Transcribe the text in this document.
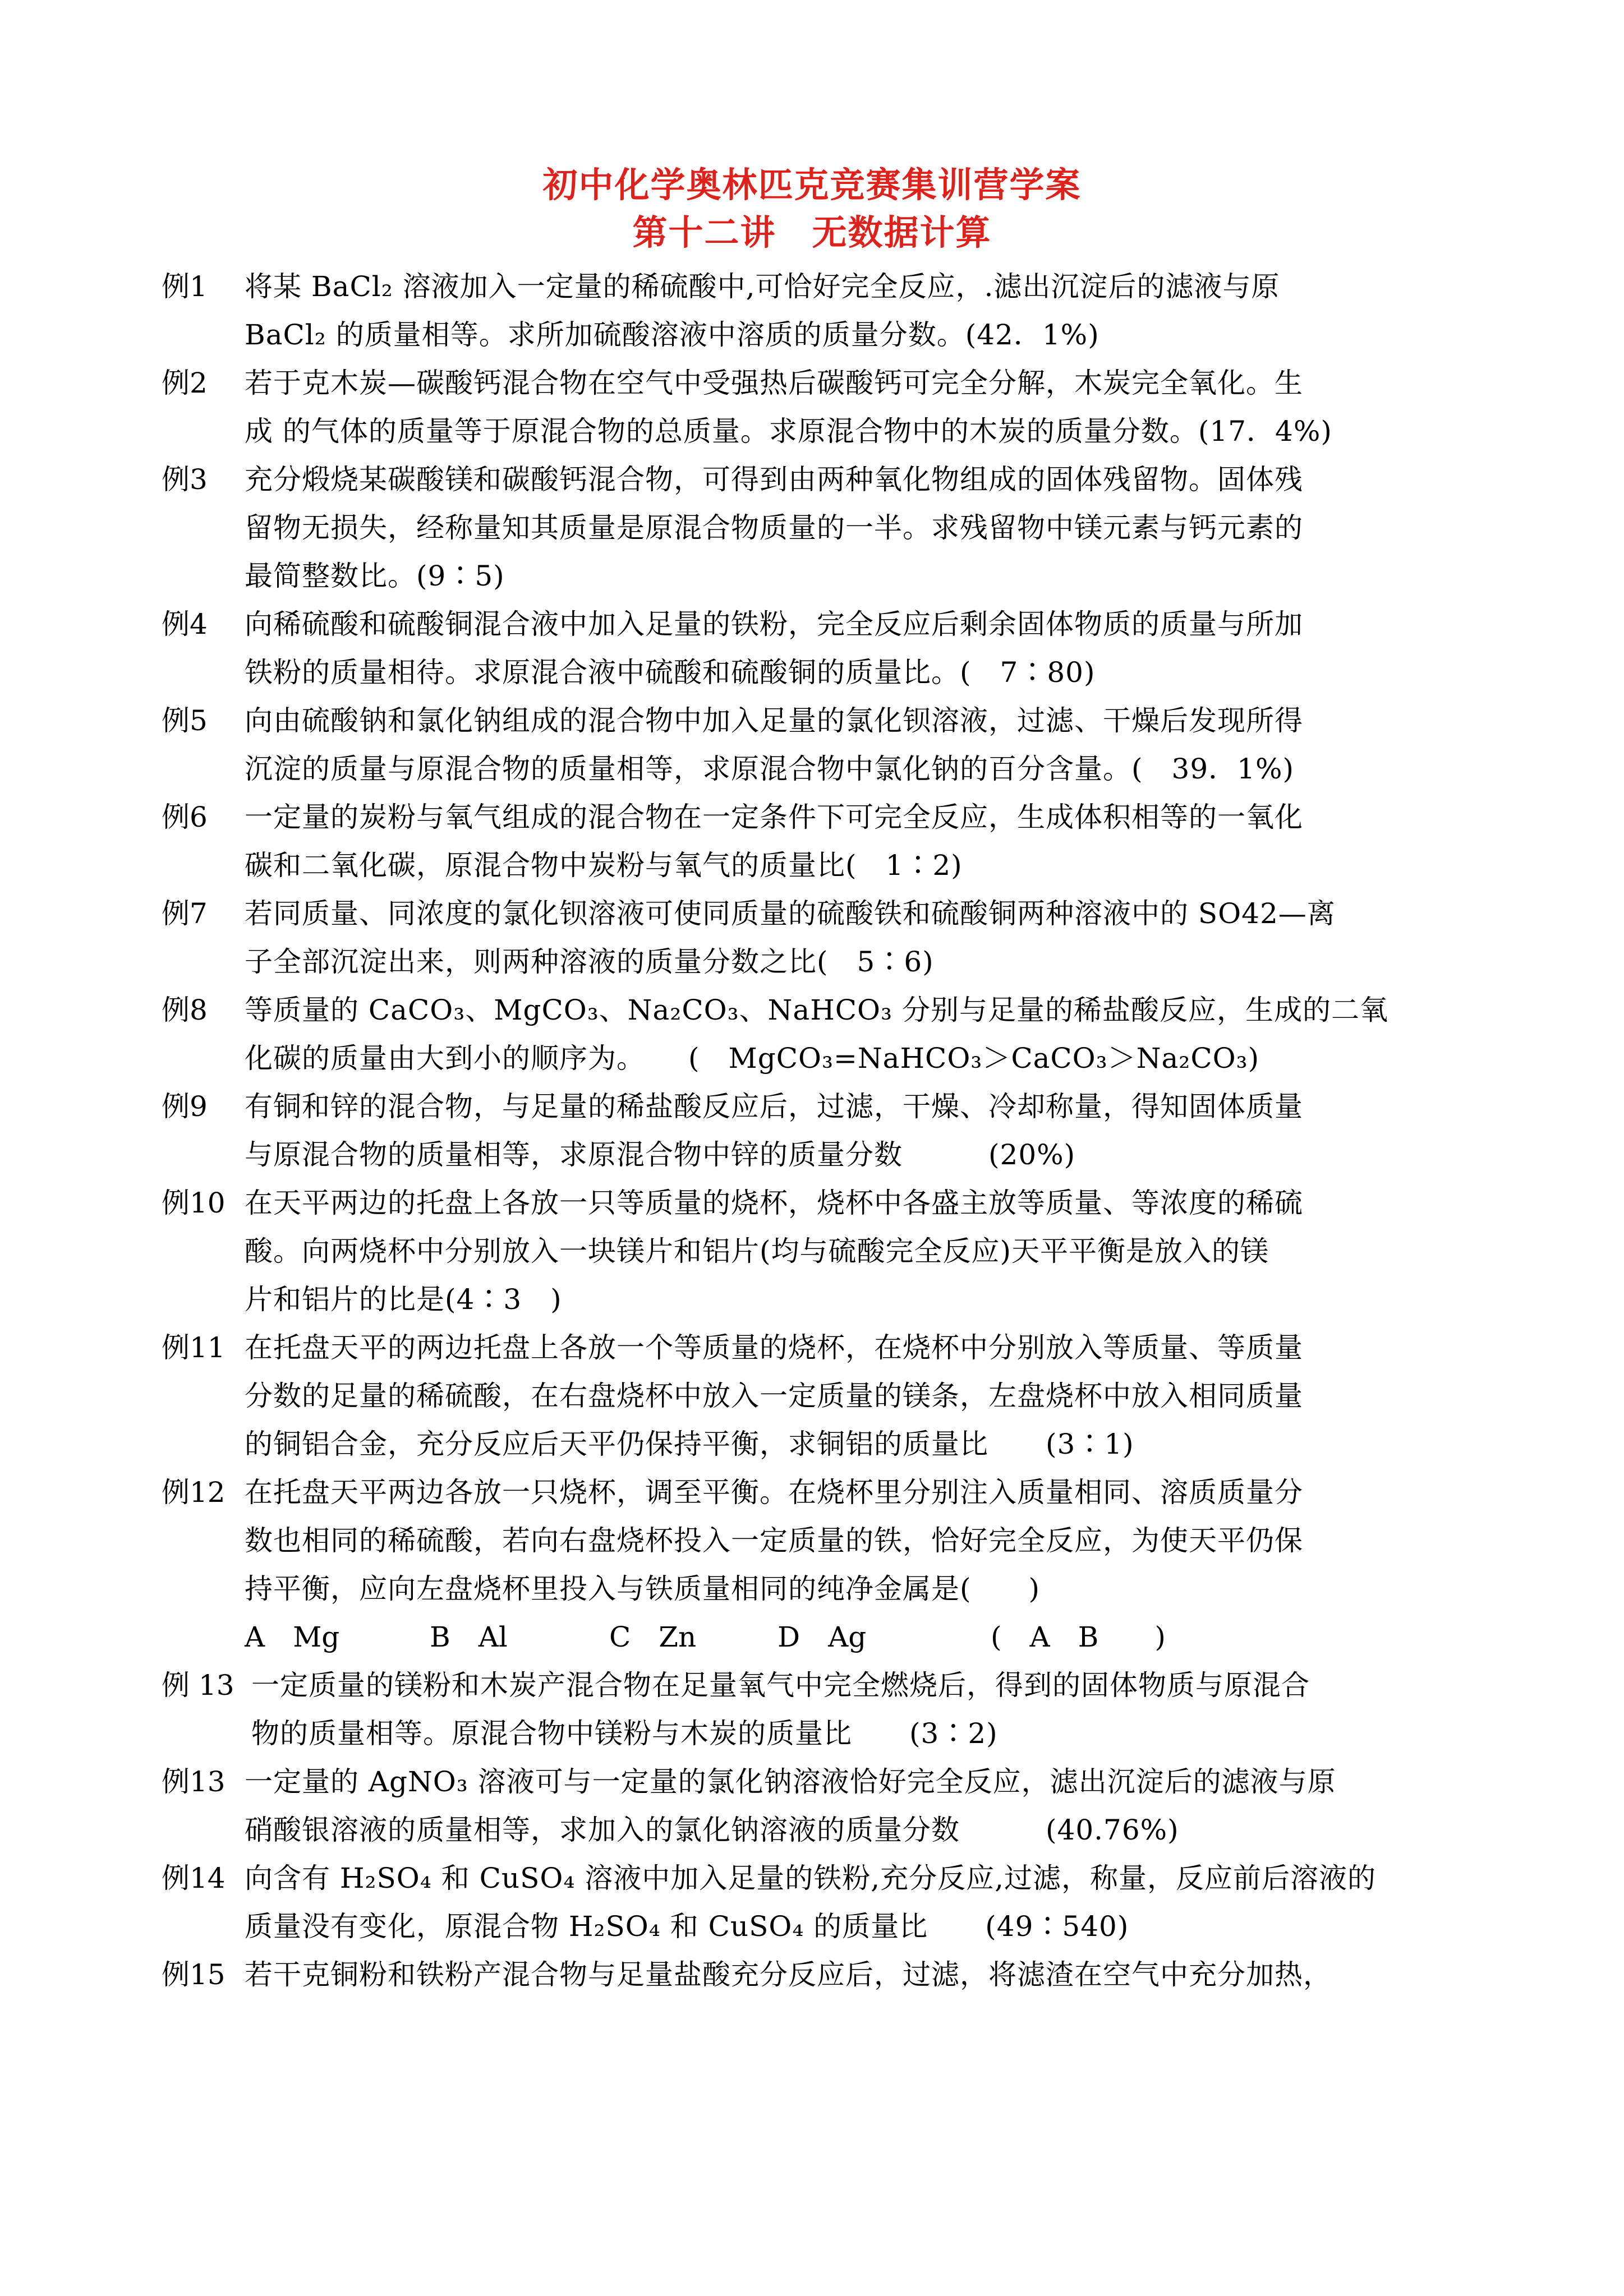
初中化学奥林匹克竞赛集训营学案
第十二讲　无数据计算
例1	将某 BaCl₂ 溶液加入一定量的稀硫酸中,可恰好完全反应，.滤出沉淀后的滤液与原
BaCl₂ 的质量相等。求所加硫酸溶液中溶质的质量分数。(42．1%)
例2	若于克木炭—碳酸钙混合物在空气中受强热后碳酸钙可完全分解，木炭完全氧化。生
成 的气体的质量等于原混合物的总质量。求原混合物中的木炭的质量分数。(17．4%)
例3	充分煅烧某碳酸镁和碳酸钙混合物，可得到由两种氧化物组成的固体残留物。固体残
留物无损失，经称量知其质量是原混合物质量的一半。求残留物中镁元素与钙元素的
最简整数比。(9∶5)
例4	向稀硫酸和硫酸铜混合液中加入足量的铁粉，完全反应后剩余固体物质的质量与所加
铁粉的质量相待。求原混合液中硫酸和硫酸铜的质量比。(　7∶80)
例5	向由硫酸钠和氯化钠组成的混合物中加入足量的氯化钡溶液，过滤、干燥后发现所得
沉淀的质量与原混合物的质量相等，求原混合物中氯化钠的百分含量。(　39．1%)
例6	一定量的炭粉与氧气组成的混合物在一定条件下可完全反应，生成体积相等的一氧化
碳和二氧化碳，原混合物中炭粉与氧气的质量比(　1∶2)
例7	若同质量、同浓度的氯化钡溶液可使同质量的硫酸铁和硫酸铜两种溶液中的 SO42—离
子全部沉淀出来，则两种溶液的质量分数之比(　5∶6)
例8	等质量的 CaCO₃、MgCO₃、Na₂CO₃、NaHCO₃ 分别与足量的稀盐酸反应，生成的二氧
化碳的质量由大到小的顺序为。　　(　MgCO₃=NaHCO₃＞CaCO₃＞Na₂CO₃)
例9	有铜和锌的混合物，与足量的稀盐酸反应后，过滤，干燥、冷却称量，得知固体质量
与原混合物的质量相等，求原混合物中锌的质量分数　　　(20%)
例10 在天平两边的托盘上各放一只等质量的烧杯，烧杯中各盛主放等质量、等浓度的稀硫
酸。向两烧杯中分别放入一块镁片和铝片(均与硫酸完全反应)天平平衡是放入的镁
片和铝片的比是(4∶3　)
例11 在托盘天平的两边托盘上各放一个等质量的烧杯，在烧杯中分别放入等质量、等质量
分数的足量的稀硫酸，在右盘烧杯中放入一定质量的镁条，左盘烧杯中放入相同质量
的铜铝合金，充分反应后天平仍保持平衡，求铜铝的质量比　　(3∶1)
例12 在托盘天平两边各放一只烧杯，调至平衡。在烧杯里分别注入质量相同、溶质质量分
数也相同的稀硫酸，若向右盘烧杯投入一定质量的铁，恰好完全反应，为使天平仍保
持平衡，应向左盘烧杯里投入与铁质量相同的纯净金属是(　　)
A　Mg	B　Al	C　Zn	D　Ag	(　A　B　　)
例 13 一定质量的镁粉和木炭产混合物在足量氧气中完全燃烧后，得到的固体物质与原混合
物的质量相等。原混合物中镁粉与木炭的质量比　　(3∶2)
例13 一定量的 AgNO₃ 溶液可与一定量的氯化钠溶液恰好完全反应，滤出沉淀后的滤液与原
硝酸银溶液的质量相等，求加入的氯化钠溶液的质量分数　　　(40.76%)
例14 向含有 H₂SO₄ 和 CuSO₄ 溶液中加入足量的铁粉,充分反应,过滤，称量，反应前后溶液的
质量没有变化，原混合物 H₂SO₄ 和 CuSO₄ 的质量比　　(49∶540)
例15 若干克铜粉和铁粉产混合物与足量盐酸充分反应后，过滤，将滤渣在空气中充分加热，
